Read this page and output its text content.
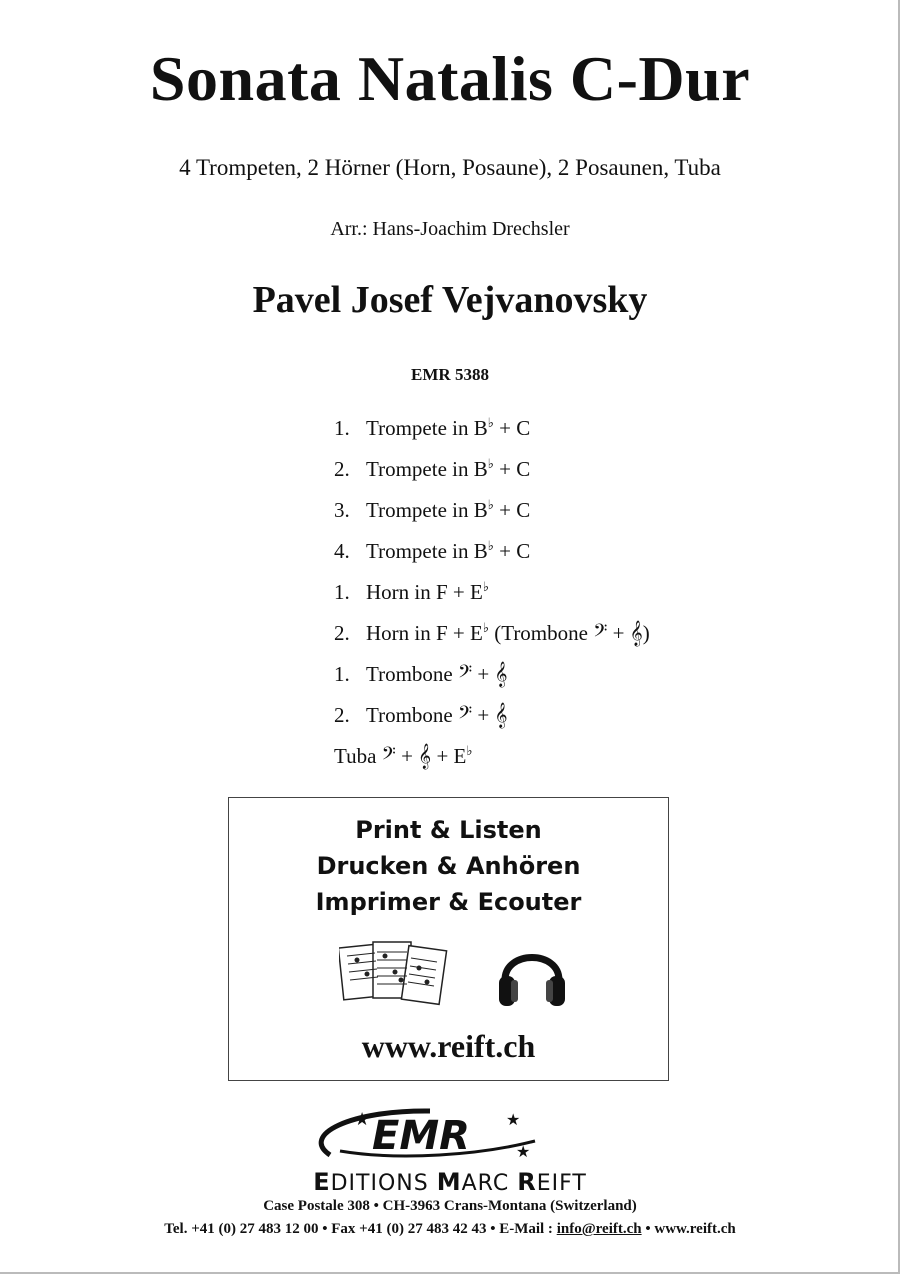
Sonata Natalis C-Dur
4 Trompeten, 2 Hörner (Horn, Posaune), 2 Posaunen, Tuba
Arr.: Hans-Joachim Drechsler
Pavel Josef Vejvanovsky
EMR 5388
1. Trompete in B♭ + C
2. Trompete in B♭ + C
3. Trompete in B♭ + C
4. Trompete in B♭ + C
1. Horn in F + E♭
2. Horn in F + E♭ (Trombone 𝄢 + 𝄞)
1. Trombone 𝄢 + 𝄞
2. Trombone 𝄢 + 𝄞
Tuba 𝄢 + 𝄞 + E♭
Print & Listen
Drucken & Anhören
Imprimer & Ecouter
www.reift.ch
EMR
★	★
★
EDITIONS MARC REIFT
Case Postale 308 • CH-3963 Crans-Montana (Switzerland)
Tel. +41 (0) 27 483 12 00 • Fax +41 (0) 27 483 42 43 • E-Mail : info@reift.ch • www.reift.ch
